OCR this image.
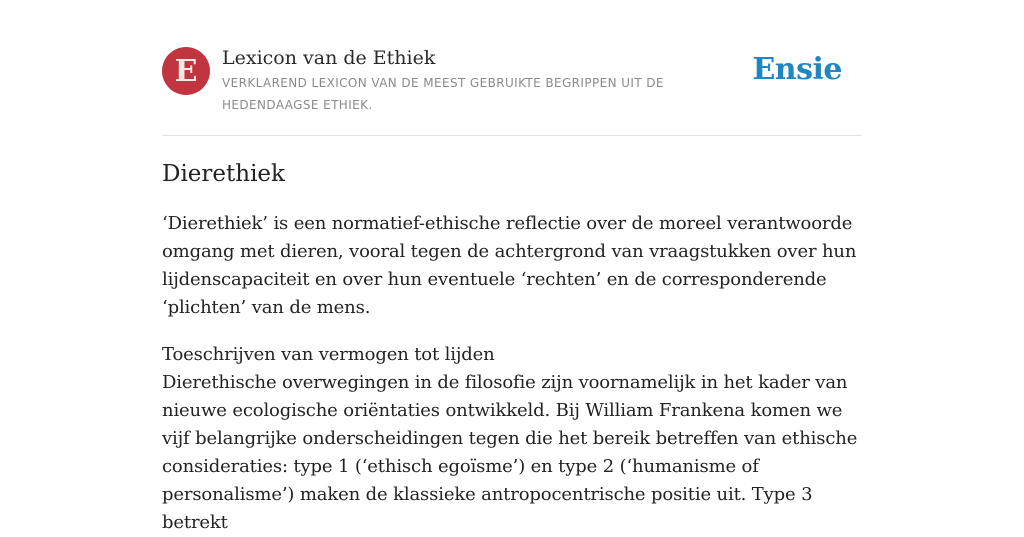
E Lexicon van de Ethiek
VERKLAREND LEXICON VAN DE MEEST GEBRUIKTE BEGRIPPEN UIT DE HEDENDAAGSE ETHIEK.
Ensie
Dierethiek

‘Dierethiek’ is een normatief-ethische reflectie over de moreel verantwoorde omgang met dieren, vooral tegen de achtergrond van vraagstukken over hun lijdenscapaciteit en over hun eventuele ‘rechten’ en de corresponderende ‘plichten’ van de mens.

Toeschrijven van vermogen tot lijden

Dierethische overwegingen in de filosofie zijn voornamelijk in het kader van nieuwe ecologische oriëntaties ontwikkeld. Bij William Frankena komen we vijf belangrijke onderscheidingen tegen die het bereik betreffen van ethische consideraties: type 1 (‘ethisch egoïsme’) en type 2 (‘humanisme of personalisme’) maken de klassieke antropocentrische positie uit. Type 3 betrekt
